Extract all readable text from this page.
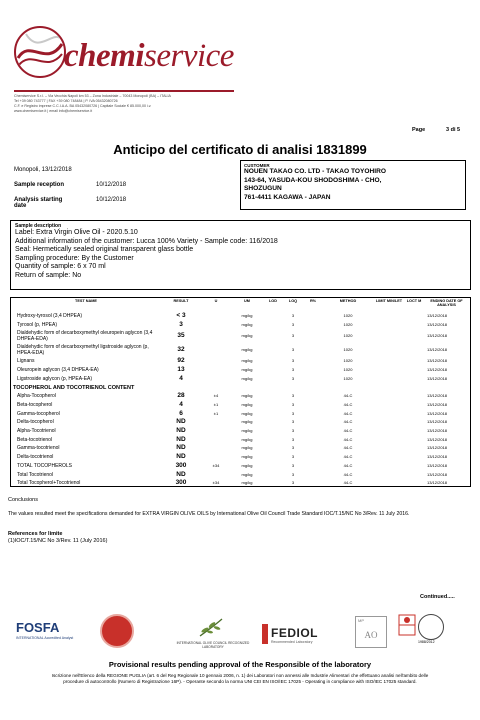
chemiservice
Chemiservice S.r.l. – Via Vecchia Napoli km 53 – Zona Industriale – 70043 Monopoli (BA) – ITALIA
Tel +39 080 743777 | FAX +39 080 748484 | P. IVA 05432080726
C.F. e Registro imprese C.C.I.A.A. BA 05432080726 | Capitale Sociale € 85.000,00 i.v.
www.chemiservice.it | email info@chemiservice.it
Page	3 di 5
Anticipo del certificato di analisi 1831899
Monopoli, 13/12/2018
Sample reception	10/12/2018
Analysis starting date
10/12/2018
CUSTOMER
NOUEN TAKAO CO. LTD - TAKAO TOYOHIRO
143-64, YASUDA-KOU SHODOSHIMA - CHO,
SHOZUGUN
761-4411 KAGAWA - JAPAN
Sample description
Label: Extra Virgin Olive Oil - 2020.5.10
Additional information of the customer: Lucca 100% Variety - Sample code: 116/2018
Seal: Hermetically sealed original transparent glass bottle
Sampling procedure: By the Customer
Quantity of sample: 6 x 70 ml
Return of sample: No
TEST NAME	RESULT	U	UM	LOD	LOQ	R%	METHOD	LIMIT MIN/LET	LOCT M	ENDING DATE OF ANALYSIS
Hydroxy-tyrosol (3,4 DHPEA)	< 3		mg/kg		3		1020			13/12/2018
Tyrosol (p, HPEA)	3		mg/kg		3		1020			13/12/2018
Dialdehydic form of decarboxymethyl oleuropein aglycon (3,4 DHPEA-EDA)	35		mg/kg		3		1020			13/12/2018
Dialdehydic form of decarboxymethyl ligstroside aglycon (p, HPEA-EDA)	32		mg/kg		3		1020			13/12/2018
Lignans	92		mg/kg		3		1020			13/12/2018
Oleuropein aglycon (3,4 DHPEA-EA)	13		mg/kg		3		1020			13/12/2018
Ligstroside aglycon (p, HPEA-EA)	4		mg/kg		3		1020			13/12/2018
TOCOPHEROL AND TOCOTRIENOL CONTENT										
Alpha-Tocopherol	28	±4	mg/kg		3		44-C			13/12/2018
Beta-tocopherol	4	±1	mg/kg		3		44-C			13/12/2018
Gamma-tocopherol	6	±1	mg/kg		3		44-C			13/12/2018
Delta-tocopherol	ND		mg/kg		3		44-C			13/12/2018
Alpha-Tocotrienol	ND		mg/kg		3		44-C			13/12/2018
Beta-tocotrienol	ND		mg/kg		3		44-C			13/12/2018
Gamma-tocotrienol	ND		mg/kg		3		44-C			13/12/2018
Delta-tocotrienol	ND		mg/kg		3		44-C			13/12/2018
TOTAL TOCOPHEROLS	300	±34	mg/kg		3		44-C			13/12/2018
Total Tocotrienol	ND		mg/kg		3		44-C			13/12/2018
Total Tocopherol+Tocotrienol	300	±34	mg/kg		3		44-C			13/12/2018
Conclusions
The values resulted meet the specifications demanded for EXTRA VIRGIN OLIVE OILS by International Olive Oil Council Trade Standard IOC/T.15/NC No 3/Rev. 11 July 2016.
References for limite
(1)IOC/T.15/NC No 3/Rev. 11 (July 2016)
Continued.....
FOSFA
INTERNATIONAL Accredited Analyst
INTERNATIONAL OLIVE COUNCIL RECOGNIZED LABORATORY
FEDIOL
Recommended Laboratory
MP
AO
1988/2012
Provisional results pending approval of the Responsible of the laboratory
Iscrizione nell'Elenco della REGIONE PUGLIA (art. 6 del Reg Regionale 10 gennaio 2006, n. 1) dei Laboratori non annessi alle Industrie Alimentari che effettuano analisi nell'ambito delle
procedure di autocontrollo (Numero di Registrazione 16P). - Operante secondo la norma UNI CEI EN ISO/IEC 17025 - Operating in compliance with ISO/IEC 17025 standard.
